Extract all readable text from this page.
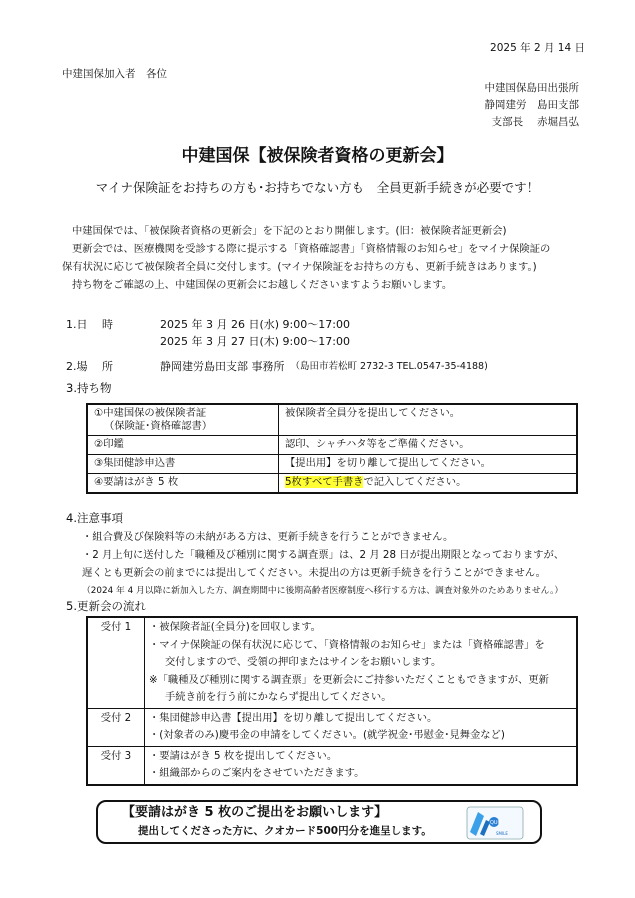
2025 年 2 月 14 日
中建国保加入者　各位
中建国保島田出張所
静岡建労　島田支部
支部長　 赤堀昌弘
中建国保【被保険者資格の更新会】
マイナ保険証をお持ちの方も･お持ちでない方も　全員更新手続きが必要です！
中建国保では、「被保険者資格の更新会」を下記のとおり開催します。(旧：被保険者証更新会)
更新会では、医療機関を受診する際に提示する「資格確認書」「資格情報のお知らせ」をマイナ保険証の
保有状況に応じて被保険者全員に交付します。(マイナ保険証をお持ちの方も、更新手続きはあります。)
持ち物をご確認の上、中建国保の更新会にお越しくださいますようお願いします。
1.日　 時	2025 年 3 月 26 日(水) 9:00～17:00
2025 年 3 月 27 日(木) 9:00～17:00
2.場　 所	静岡建労島田支部 事務所 （島田市若松町 2732-3 TEL.0547-35-4188)
3.持ち物
①中建国保の被保険者証
（保険証･資格確認書）	被保険者全員分を提出してください。
②印鑑	認印、シャチハタ等をご準備ください。
③集団健診申込書	【提出用】を切り離して提出してください。
④要請はがき 5 枚	5枚すべて手書きで記入してください。
4.注意事項
・組合費及び保険料等の未納がある方は、更新手続きを行うことができません。
・2 月上旬に送付した「職種及び種別に関する調査票」は、2 月 28 日が提出期限となっておりますが、
遅くとも更新会の前までには提出してください。未提出の方は更新手続きを行うことができません。
（2024 年 4 月以降に新加入した方、調査期間中に後期高齢者医療制度へ移行する方は、調査対象外のためありません。）
5.更新会の流れ
受付 1	・被保険者証(全員分)を回収します。
・マイナ保険証の保有状況に応じて、「資格情報のお知らせ」または「資格確認書」を
交付しますので、受領の押印またはサインをお願いします。
※「職種及び種別に関する調査票」を更新会にご持参いただくこともできますが、更新
手続き前を行う前にかならず提出してください。

受付 2	・集団健診申込書【提出用】を切り離して提出してください。
・(対象者のみ)慶弔金の申請をしてください。(就学祝金･弔慰金･見舞金など)

受付 3	・要請はがき 5 枚を提出してください。
・組織部からのご案内をさせていただきます。
【要請はがき 5 枚のご提出をお願いします】
提出してくださった方に、クオカード500円分を進呈します。
QUO
SMILE
